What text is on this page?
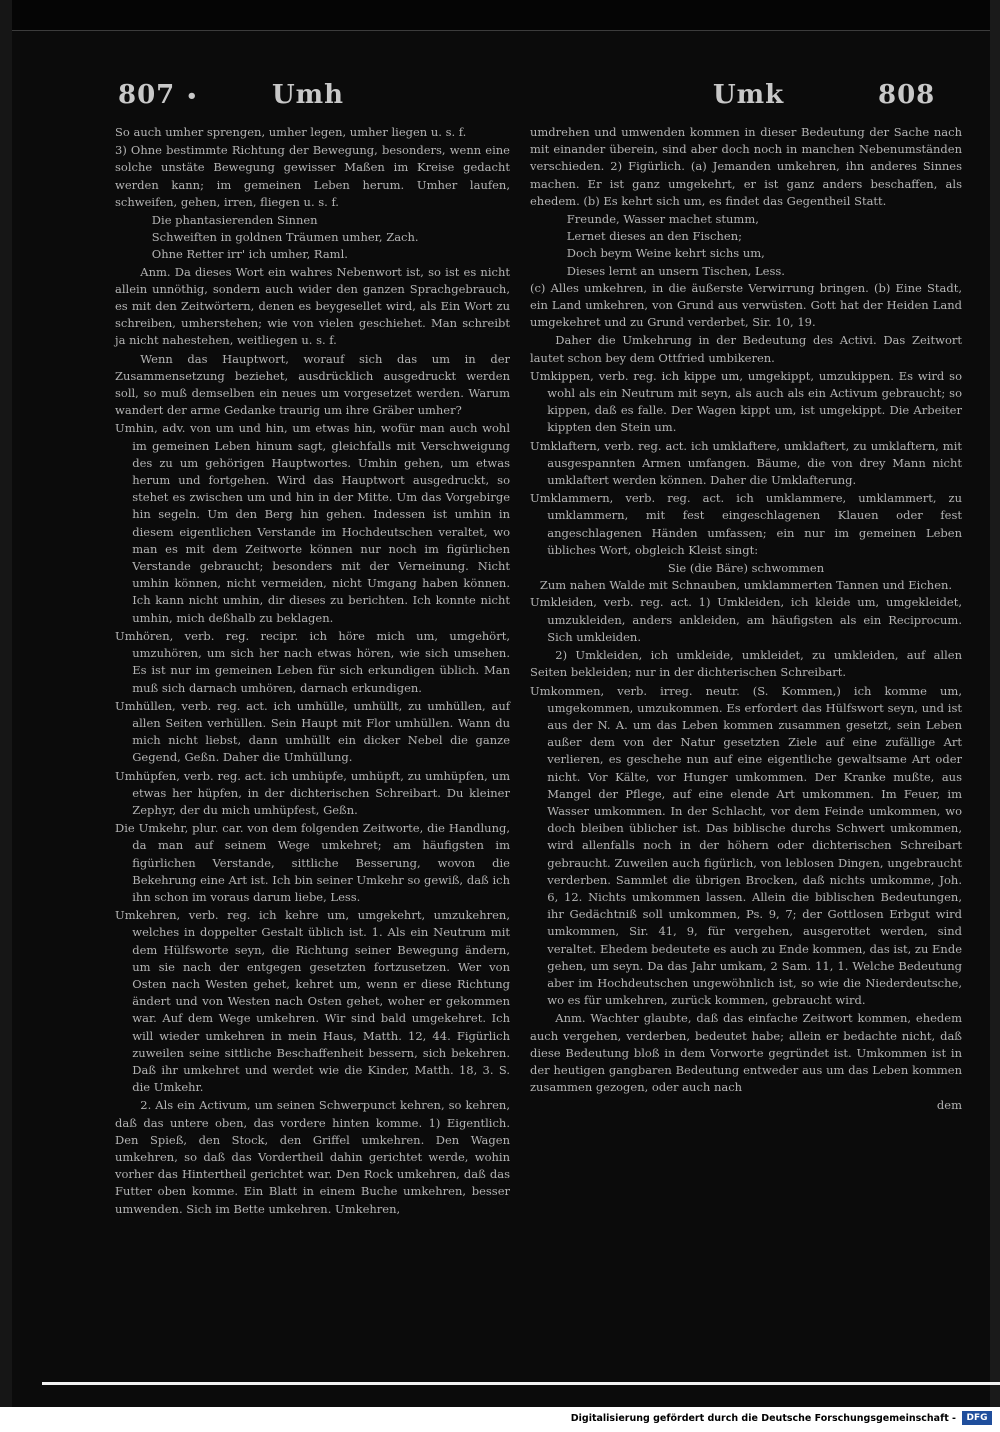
807 •	Umh	Umk	808

So auch umher sprengen, umher legen, umher liegen u. s. f.

3) Ohne bestimmte Richtung der Bewegung, besonders, wenn eine solche unstäte Bewegung gewisser Maßen im Kreise gedacht werden kann; im gemeinen Leben herum. Umher laufen, schweifen, gehen, irren, fliegen u. s. f.

Die phantasierenden Sinnen

Schweiften in goldnen Träumen umher, Zach.

Ohne Retter irr' ich umher, Raml.

Anm. Da dieses Wort ein wahres Nebenwort ist, so ist es nicht allein unnöthig, sondern auch wider den ganzen Sprachgebrauch, es mit den Zeitwörtern, denen es beygesellet wird, als Ein Wort zu schreiben, umherstehen; wie von vielen geschiehet. Man schreibt ja nicht nahestehen, weitliegen u. s. f.

Wenn das Hauptwort, worauf sich das um in der Zusammensetzung beziehet, ausdrücklich ausgedruckt werden soll, so muß demselben ein neues um vorgesetzet werden. Warum wandert der arme Gedanke traurig um ihre Gräber umher?

Umhin, adv. von um und hin, um etwas hin, wofür man auch wohl im gemeinen Leben hinum sagt, gleichfalls mit Verschweigung des zu um gehörigen Hauptwortes. Umhin gehen, um etwas herum und fortgehen. Wird das Hauptwort ausgedruckt, so stehet es zwischen um und hin in der Mitte. Um das Vorgebirge hin segeln. Um den Berg hin gehen. Indessen ist umhin in diesem eigentlichen Verstande im Hochdeutschen veraltet, wo man es mit dem Zeitworte können nur noch im figürlichen Verstande gebraucht; besonders mit der Verneinung. Nicht umhin können, nicht vermeiden, nicht Umgang haben können. Ich kann nicht umhin, dir dieses zu berichten. Ich konnte nicht umhin, mich deßhalb zu beklagen.

Umhören, verb. reg. recipr. ich höre mich um, umgehört, umzuhören, um sich her nach etwas hören, wie sich umsehen. Es ist nur im gemeinen Leben für sich erkundigen üblich. Man muß sich darnach umhören, darnach erkundigen.

Umhüllen, verb. reg. act. ich umhülle, umhüllt, zu umhüllen, auf allen Seiten verhüllen. Sein Haupt mit Flor umhüllen. Wann du mich nicht liebst, dann umhüllt ein dicker Nebel die ganze Gegend, Geßn. Daher die Umhüllung.

Umhüpfen, verb. reg. act. ich umhüpfe, umhüpft, zu umhüpfen, um etwas her hüpfen, in der dichterischen Schreibart. Du kleiner Zephyr, der du mich umhüpfest, Geßn.

Die Umkehr, plur. car. von dem folgenden Zeitworte, die Handlung, da man auf seinem Wege umkehret; am häufigsten im figürlichen Verstande, sittliche Besserung, wovon die Bekehrung eine Art ist. Ich bin seiner Umkehr so gewiß, daß ich ihn schon im voraus darum liebe, Less.

Umkehren, verb. reg. ich kehre um, umgekehrt, umzukehren, welches in doppelter Gestalt üblich ist. 1. Als ein Neutrum mit dem Hülfsworte seyn, die Richtung seiner Bewegung ändern, um sie nach der entgegen gesetzten fortzusetzen. Wer von Osten nach Westen gehet, kehret um, wenn er diese Richtung ändert und von Westen nach Osten gehet, woher er gekommen war. Auf dem Wege umkehren. Wir sind bald umgekehret. Ich will wieder umkehren in mein Haus, Matth. 12, 44. Figürlich zuweilen seine sittliche Beschaffenheit bessern, sich bekehren. Daß ihr umkehret und werdet wie die Kinder, Matth. 18, 3. S. die Umkehr.

2. Als ein Activum, um seinen Schwerpunct kehren, so kehren, daß das untere oben, das vordere hinten komme. 1) Eigentlich. Den Spieß, den Stock, den Griffel umkehren. Den Wagen umkehren, so daß das Vordertheil dahin gerichtet werde, wohin vorher das Hintertheil gerichtet war. Den Rock umkehren, daß das Futter oben komme. Ein Blatt in einem Buche umkehren, besser umwenden. Sich im Bette umkehren. Umkehren,

umdrehen und umwenden kommen in dieser Bedeutung der Sache nach mit einander überein, sind aber doch noch in manchen Nebenumständen verschieden. 2) Figürlich. (a) Jemanden umkehren, ihn anderes Sinnes machen. Er ist ganz umgekehrt, er ist ganz anders beschaffen, als ehedem. (b) Es kehrt sich um, es findet das Gegentheil Statt.

Freunde, Wasser machet stumm,

Lernet dieses an den Fischen;

Doch beym Weine kehrt sichs um,

Dieses lernt an unsern Tischen, Less.

(c) Alles umkehren, in die äußerste Verwirrung bringen. (b) Eine Stadt, ein Land umkehren, von Grund aus verwüsten. Gott hat der Heiden Land umgekehret und zu Grund verderbet, Sir. 10, 19.

Daher die Umkehrung in der Bedeutung des Activi. Das Zeitwort lautet schon bey dem Ottfried umbikeren.

Umkippen, verb. reg. ich kippe um, umgekippt, umzukippen. Es wird so wohl als ein Neutrum mit seyn, als auch als ein Activum gebraucht; so kippen, daß es falle. Der Wagen kippt um, ist umgekippt. Die Arbeiter kippten den Stein um.

Umklaftern, verb. reg. act. ich umklaftere, umklaftert, zu umklaftern, mit ausgespannten Armen umfangen. Bäume, die von drey Mann nicht umklaftert werden können. Daher die Umklafterung.

Umklammern, verb. reg. act. ich umklammere, umklammert, zu umklammern, mit fest eingeschlagenen Klauen oder fest angeschlagenen Händen umfassen; ein nur im gemeinen Leben übliches Wort, obgleich Kleist singt:

Sie (die Bäre) schwommen

Zum nahen Walde mit Schnauben, umklammerten Tannen und Eichen.

Umkleiden, verb. reg. act. 1) Umkleiden, ich kleide um, umgekleidet, umzukleiden, anders ankleiden, am häufigsten als ein Reciprocum. Sich umkleiden.

2) Umkleiden, ich umkleide, umkleidet, zu umkleiden, auf allen Seiten bekleiden; nur in der dichterischen Schreibart.

Umkommen, verb. irreg. neutr. (S. Kommen,) ich komme um, umgekommen, umzukommen. Es erfordert das Hülfswort seyn, und ist aus der N. A. um das Leben kommen zusammen gesetzt, sein Leben außer dem von der Natur gesetzten Ziele auf eine zufällige Art verlieren, es geschehe nun auf eine eigentliche gewaltsame Art oder nicht. Vor Kälte, vor Hunger umkommen. Der Kranke mußte, aus Mangel der Pflege, auf eine elende Art umkommen. Im Feuer, im Wasser umkommen. In der Schlacht, vor dem Feinde umkommen, wo doch bleiben üblicher ist. Das biblische durchs Schwert umkommen, wird allenfalls noch in der höhern oder dichterischen Schreibart gebraucht. Zuweilen auch figürlich, von leblosen Dingen, ungebraucht verderben. Sammlet die übrigen Brocken, daß nichts umkomme, Joh. 6, 12. Nichts umkommen lassen. Allein die biblischen Bedeutungen, ihr Gedächtniß soll umkommen, Ps. 9, 7; der Gottlosen Erbgut wird umkommen, Sir. 41, 9, für vergehen, ausgerottet werden, sind veraltet. Ehedem bedeutete es auch zu Ende kommen, das ist, zu Ende gehen, um seyn. Da das Jahr umkam, 2 Sam. 11, 1. Welche Bedeutung aber im Hochdeutschen ungewöhnlich ist, so wie die Niederdeutsche, wo es für umkehren, zurück kommen, gebraucht wird.

Anm. Wachter glaubte, daß das einfache Zeitwort kommen, ehedem auch vergehen, verderben, bedeutet habe; allein er bedachte nicht, daß diese Bedeutung bloß in dem Vorworte gegründet ist. Umkommen ist in der heutigen gangbaren Bedeutung entweder aus um das Leben kommen zusammen gezogen, oder auch nach

dem

Digitalisierung gefördert durch die Deutsche Forschungsgemeinschaft -	DFG
